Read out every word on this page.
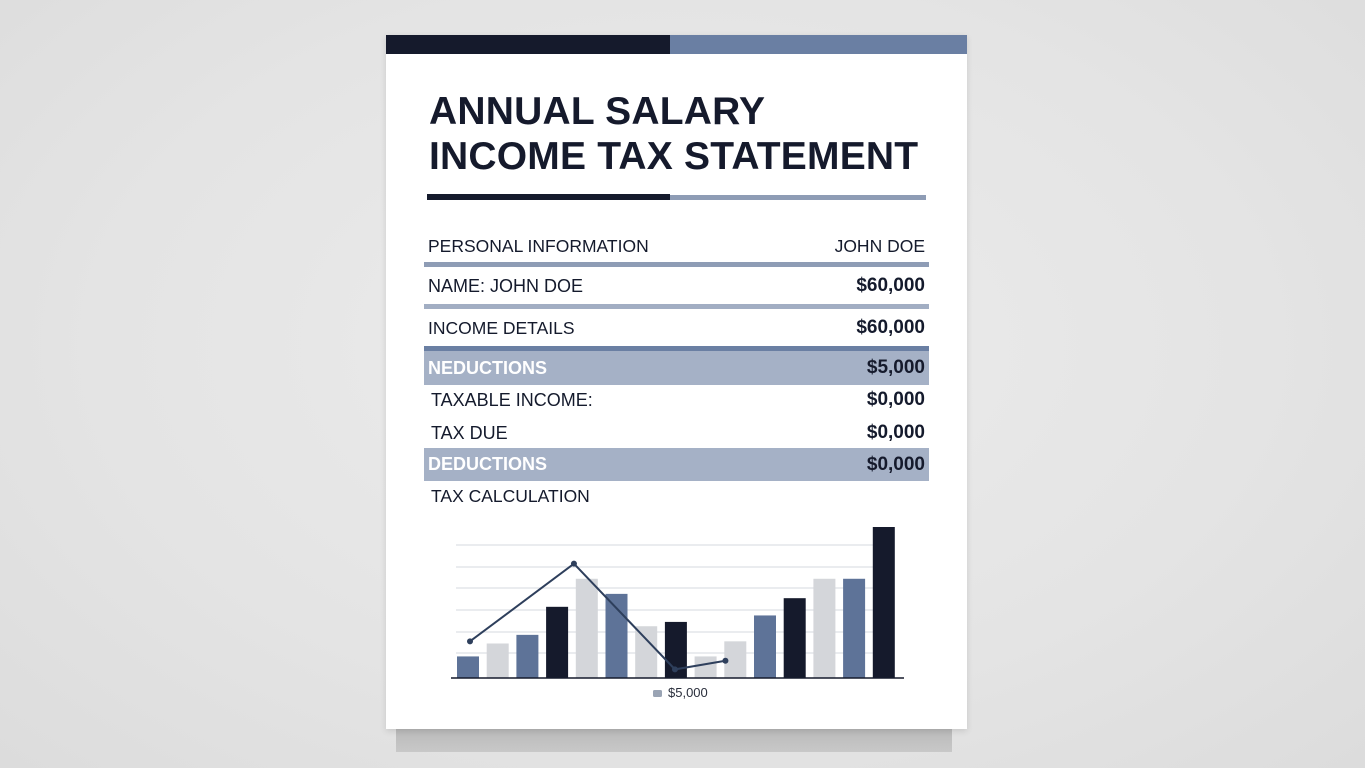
ANNUAL SALARY
INCOME TAX STATEMENT
PERSONAL INFORMATION	JOHN DOE
NAME: JOHN DOE	$60,000
INCOME DETAILS	$60,000
NEDUCTIONS	$5,000
TAXABLE INCOME:	$0,000
TAX DUE	$0,000
DEDUCTIONS	$0,000
TAX CALCULATION
$5,000
